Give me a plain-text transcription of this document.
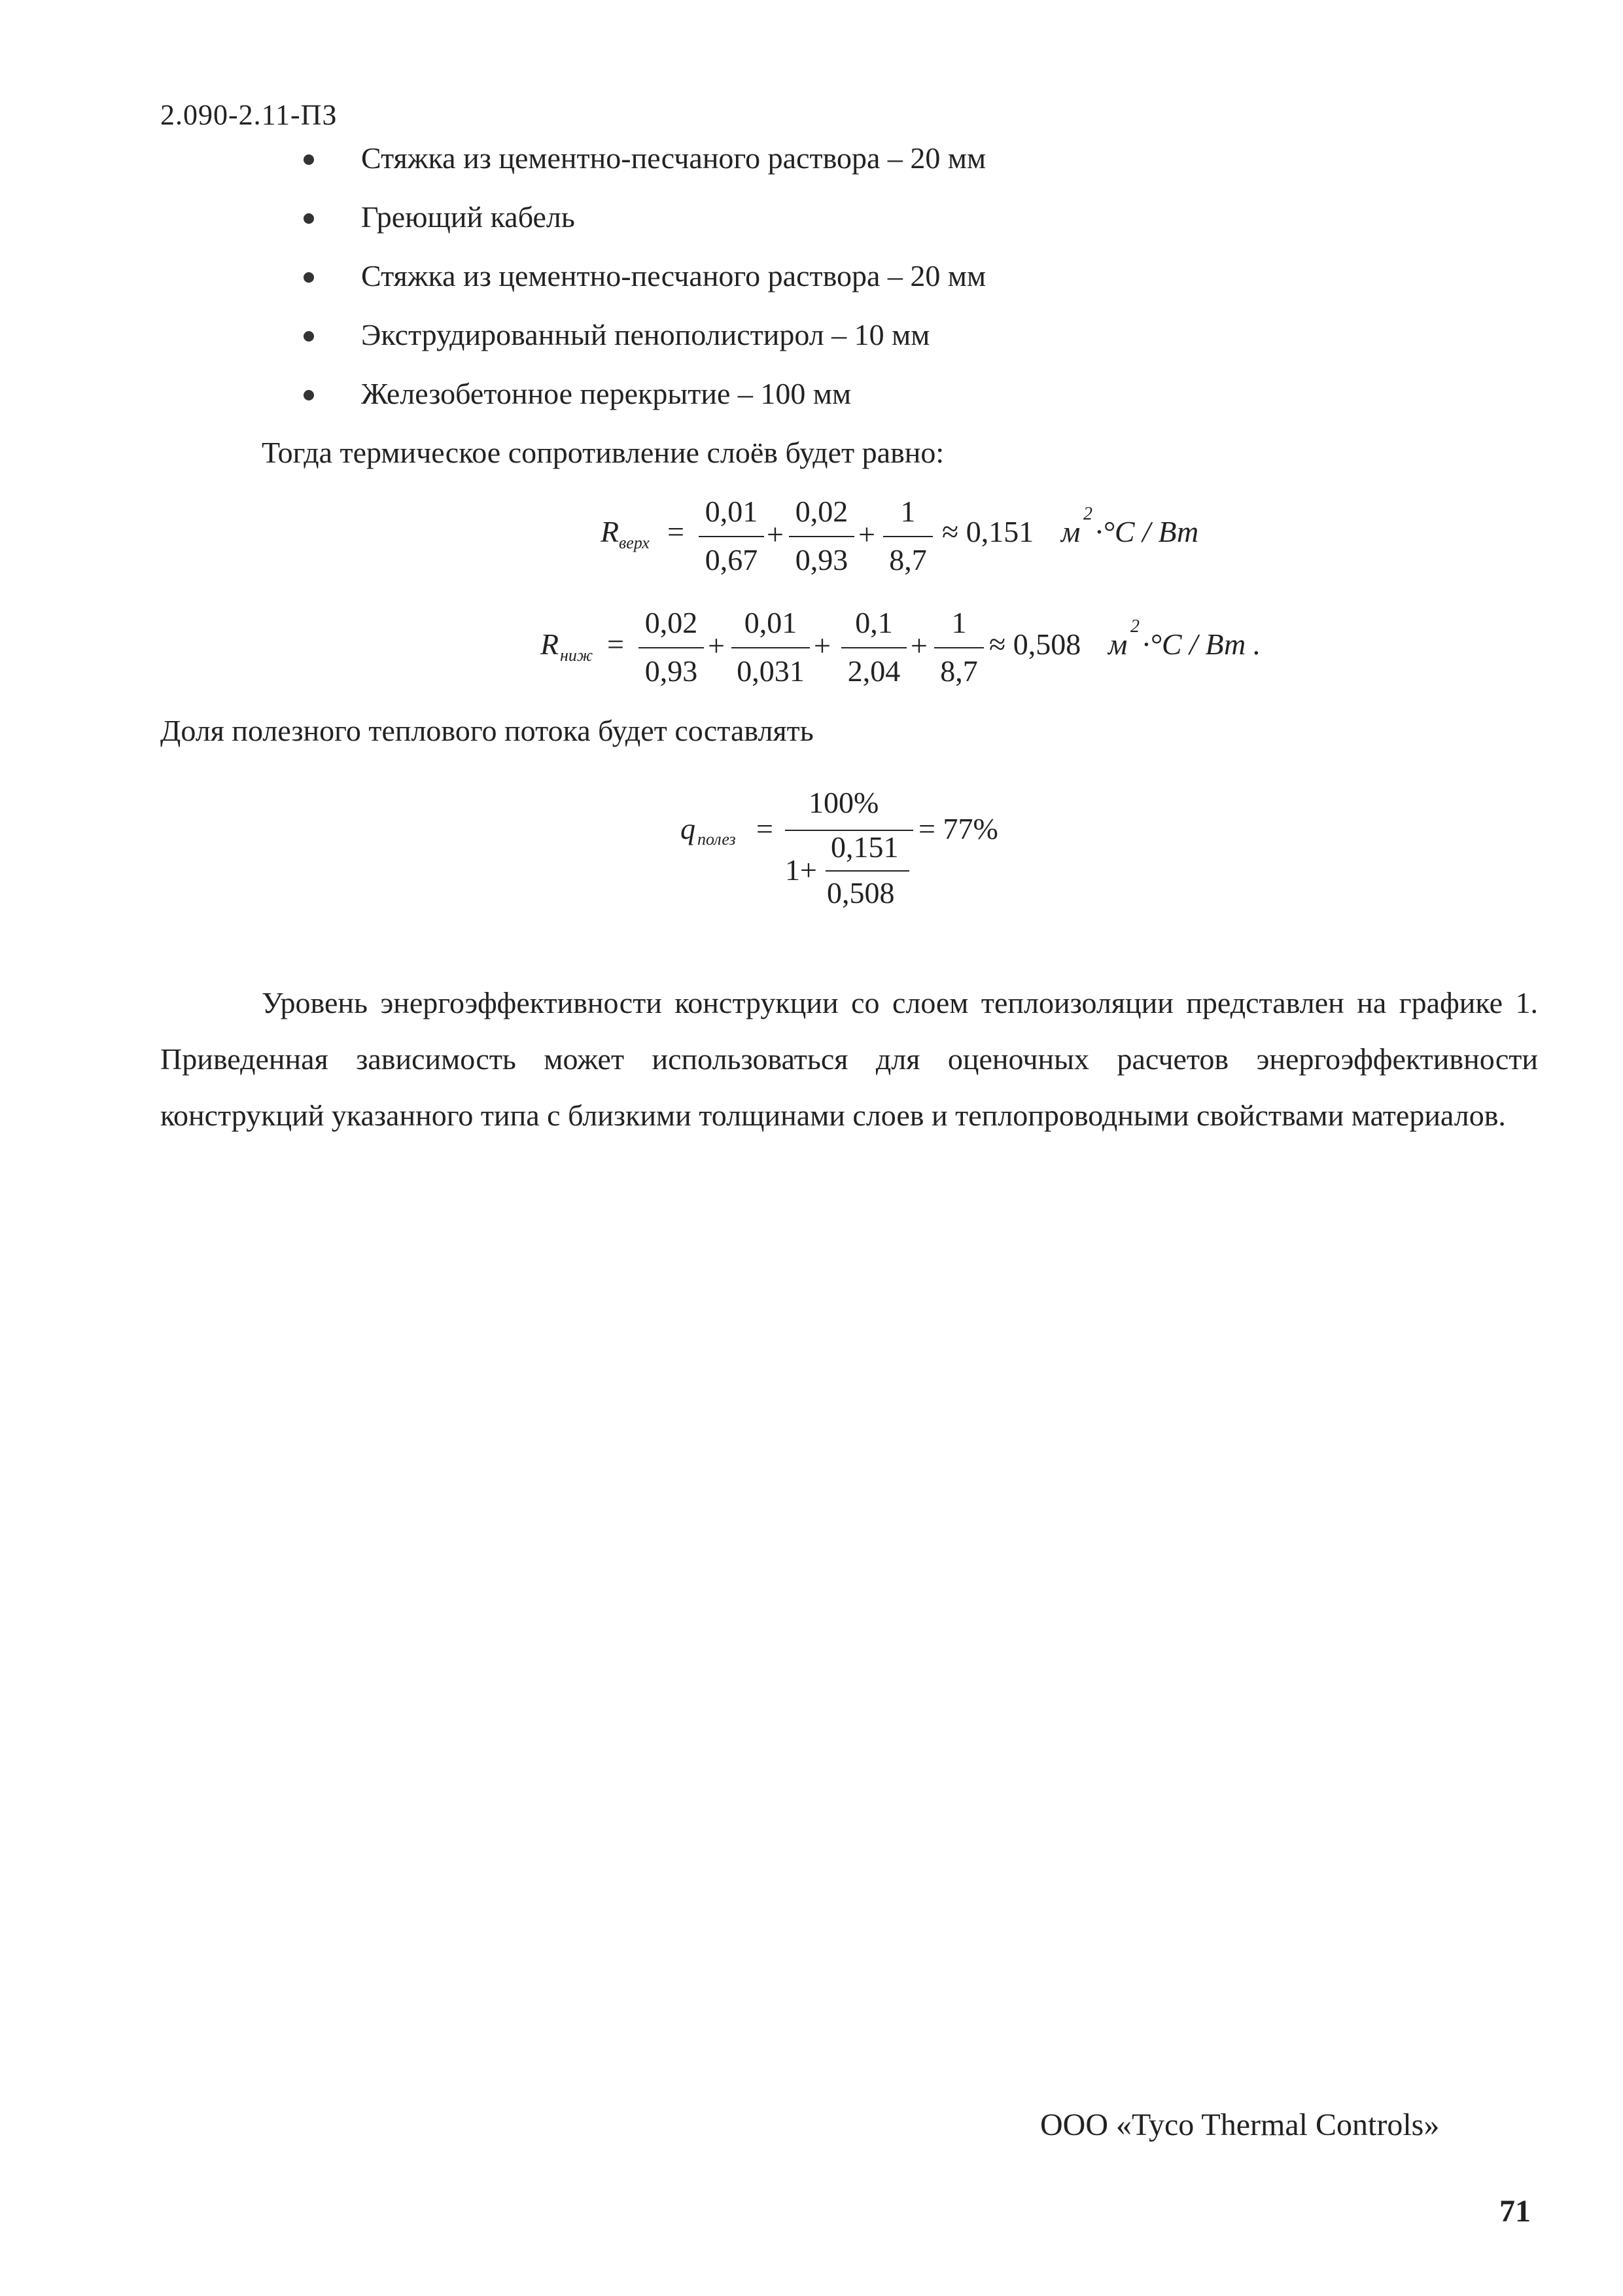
2.090-2.11-ПЗ
Стяжка из цементно-песчаного раствора – 20 мм
Греющий кабель
Стяжка из цементно-песчаного раствора – 20 мм
Экструдированный пенополистирол – 10 мм
Железобетонное перекрытие – 100 мм
Тогда термическое сопротивление слоёв будет равно:
R верх =
0,01
0,67
+
0,02
0,93
+
1
8,7
≈ 0,151 м
2
·°C / Вт
R ниж =
0,02
0,93
+
0,01
0,031
+
0,1
2,04
+
1
8,7
≈ 0,508 м
2
·°C / Вт .
Доля полезного теплового потока будет составлять
q полез =
100%
1+
0,151
0,508
= 77%

Уровень энергоэффективности конструкции со слоем теплоизоляции представлен на графике 1. Приведенная зависимость может использоваться для оценочных расчетов энергоэффективности конструкций указанного типа с близкими толщинами слоев и теплопроводными свойствами материалов.

ООО «Tyco Thermal Controls»
71
